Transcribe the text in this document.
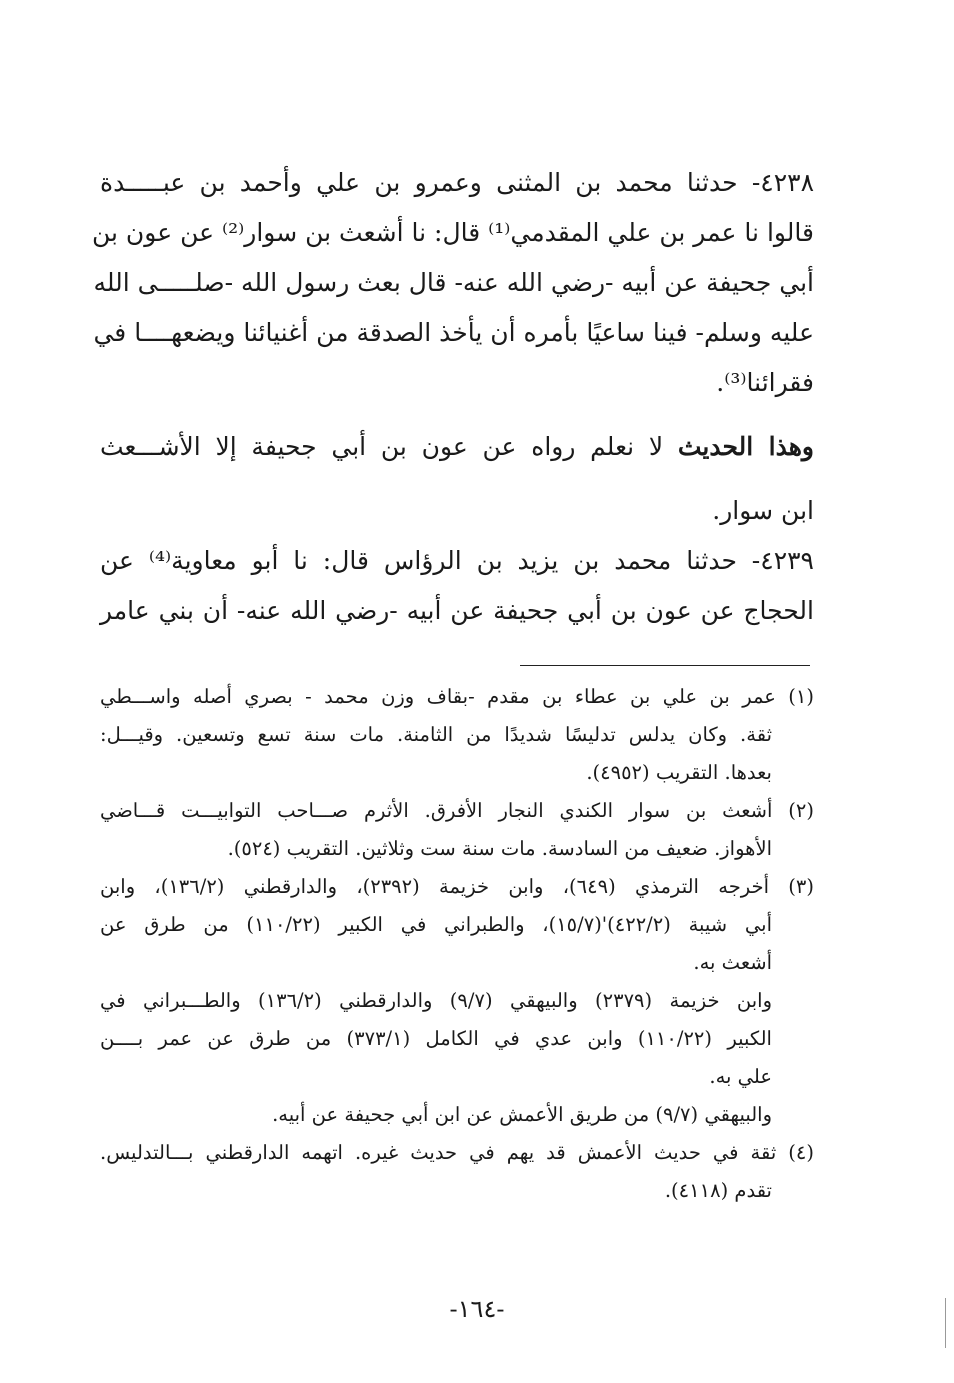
٤٢٣٨- حدثنا محمد بن المثنى وعمرو بن علي وأحمد بن عبـــــدة
قالوا نا عمر بن علي المقدمي⁽¹⁾ قال: نا أشعث بن سوار⁽²⁾ عن عون بن
أبي جحيفة عن أبيه -رضي الله عنه- قال بعث رسول الله -صلـــــى الله
عليه وسلم- فينا ساعيًا بأمره أن يأخذ الصدقة من أغنيائنا ويضعهــــا في
فقرائنا⁽³⁾.
وهذا الحديث لا نعلم رواه عن عون بن أبي جحيفة إلا الأشـــعث
ابن سوار.
٤٢٣٩- حدثنا محمد بن يزيد بن الرؤاس قال: نا أبو معاوية⁽⁴⁾ عن
الحجاج عن عون بن أبي جحيفة عن أبيه -رضي الله عنه- أن بني عامر
(١) عمر بن علي بن عطاء بن مقدم -بقاف وزن محمد - بصري أصله واســـطي
ثقة. وكان يدلس تدليسًا شديدًا من الثامنة. مات سنة تسع وتسعين. وقيـــل:
بعدها. التقريب (٤٩٥٢).
(٢) أشعث بن سوار الكندي النجار الأفرق. الأثرم صـــاحب التوابيـــت قـــاضي
الأهواز. ضعيف من السادسة. مات سنة ست وثلاثين. التقريب (٥٢٤).
(٣) أخرجه الترمذي (٦٤٩)، وابن خزيمة (٢٣٩٢)، والدارقطني (١٣٦/٢)، وابن
أبي شيبة (٤٢٢/٢)'(١٥/٧)، والطبراني في الكبير (١١٠/٢٢) من طرق عن
أشعث به.
وابن خزيمة (٢٣٧٩) والبيهقي (٩/٧) والدارقطني (١٣٦/٢) والطـــبراني في
الكبير (١١٠/٢٢) وابن عدي في الكامل (٣٧٣/١) من طرق عن عمر بــــن
علي به.
والبيهقي (٩/٧) من طريق الأعمش عن ابن أبي جحيفة عن أبيه.
(٤) ثقة في حديث الأعمش قد يهم في حديث غيره. اتهمه الدارقطني بـــالتدليس.
تقدم (٤١١٨).
-١٦٤-
